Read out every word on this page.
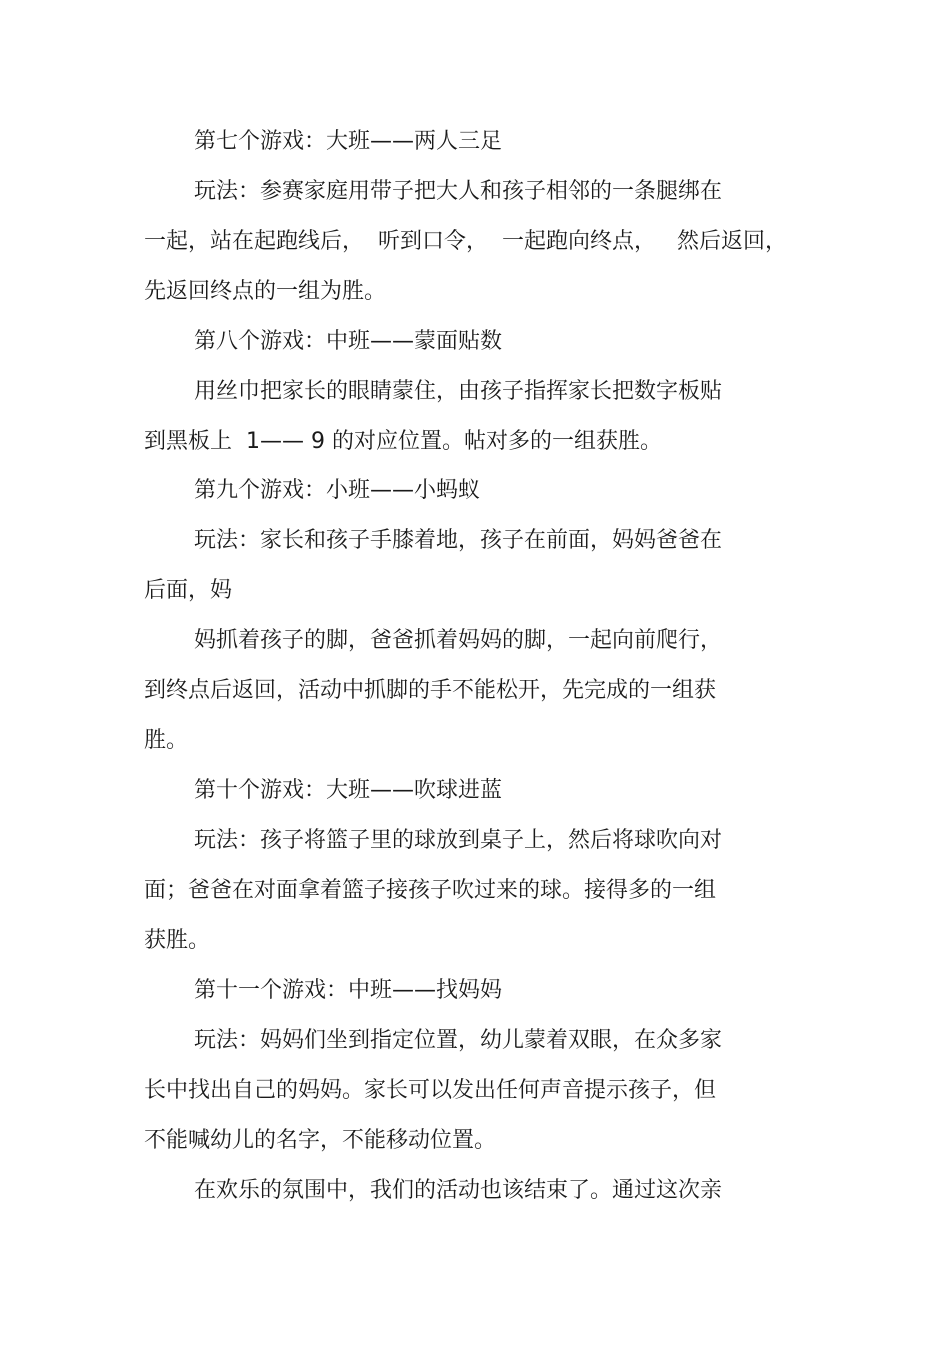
第七个游戏：大班——两人三足
玩法：参赛家庭用带子把大人和孩子相邻的一条腿绑在
一起，站在起跑线后，  听到口令，  一起跑向终点，   然后返回，
先返回终点的一组为胜。
第八个游戏：中班——蒙面贴数
用丝巾把家长的眼睛蒙住，由孩子指挥家长把数字板贴
到黑板上  1—— 9 的对应位置。帖对多的一组获胜。
第九个游戏：小班——小蚂蚁
玩法：家长和孩子手膝着地，孩子在前面，妈妈爸爸在
后面，妈
妈抓着孩子的脚，爸爸抓着妈妈的脚，一起向前爬行，
到终点后返回，活动中抓脚的手不能松开，先完成的一组获
胜。
第十个游戏：大班——吹球进蓝
玩法：孩子将篮子里的球放到桌子上，然后将球吹向对
面；爸爸在对面拿着篮子接孩子吹过来的球。接得多的一组
获胜。
第十一个游戏：中班——找妈妈
玩法：妈妈们坐到指定位置，幼儿蒙着双眼，在众多家
长中找出自己的妈妈。家长可以发出任何声音提示孩子，但
不能喊幼儿的名字，不能移动位置。
在欢乐的氛围中，我们的活动也该结束了。通过这次亲
